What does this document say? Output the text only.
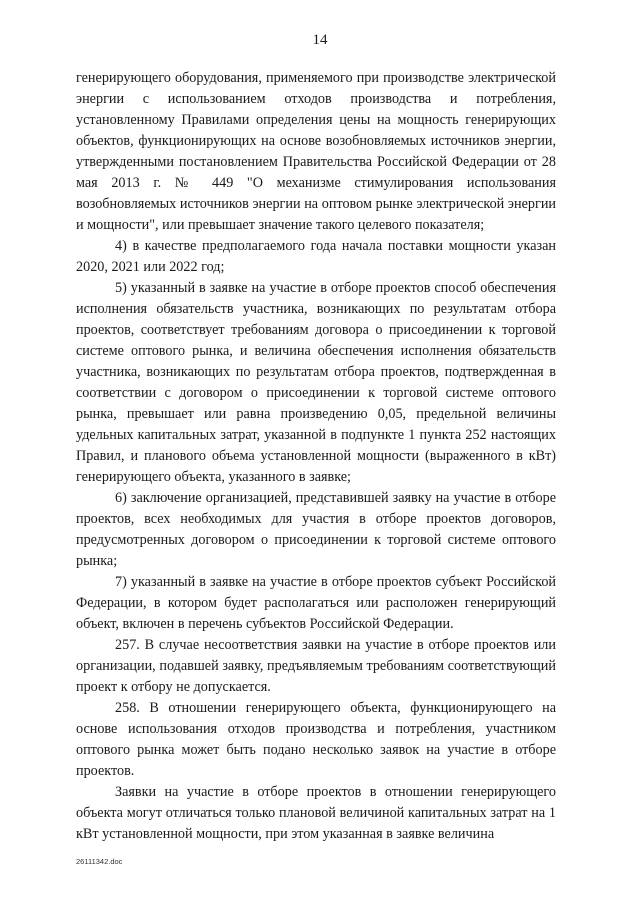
14

генерирующего оборудования, применяемого при производстве электрической энергии с использованием отходов производства и потребления, установленному Правилами определения цены на мощность генерирующих объектов, функционирующих на основе возобновляемых источников энергии, утвержденными постановлением Правительства Российской Федерации от 28 мая 2013 г. № 449 "О механизме стимулирования использования возобновляемых источников энергии на оптовом рынке электрической энергии и мощности", или превышает значение такого целевого показателя;

4) в качестве предполагаемого года начала поставки мощности указан 2020, 2021 или 2022 год;

5) указанный в заявке на участие в отборе проектов способ обеспечения исполнения обязательств участника, возникающих по результатам отбора проектов, соответствует требованиям договора о присоединении к торговой системе оптового рынка, и величина обеспечения исполнения обязательств участника, возникающих по результатам отбора проектов, подтвержденная в соответствии с договором о присоединении к торговой системе оптового рынка, превышает или равна произведению 0,05, предельной величины удельных капитальных затрат, указанной в подпункте 1 пункта 252 настоящих Правил, и планового объема установленной мощности (выраженного в кВт) генерирующего объекта, указанного в заявке;

6) заключение организацией, представившей заявку на участие в отборе проектов, всех необходимых для участия в отборе проектов договоров, предусмотренных договором о присоединении к торговой системе оптового рынка;

7) указанный в заявке на участие в отборе проектов субъект Российской Федерации, в котором будет располагаться или расположен генерирующий объект, включен в перечень субъектов Российской Федерации.

257. В случае несоответствия заявки на участие в отборе проектов или организации, подавшей заявку, предъявляемым требованиям соответствующий проект к отбору не допускается.

258. В отношении генерирующего объекта, функционирующего на основе использования отходов производства и потребления, участником оптового рынка может быть подано несколько заявок на участие в отборе проектов.

Заявки на участие в отборе проектов в отношении генерирующего объекта могут отличаться только плановой величиной капитальных затрат на 1 кВт установленной мощности, при этом указанная в заявке величина

26111342.doc
